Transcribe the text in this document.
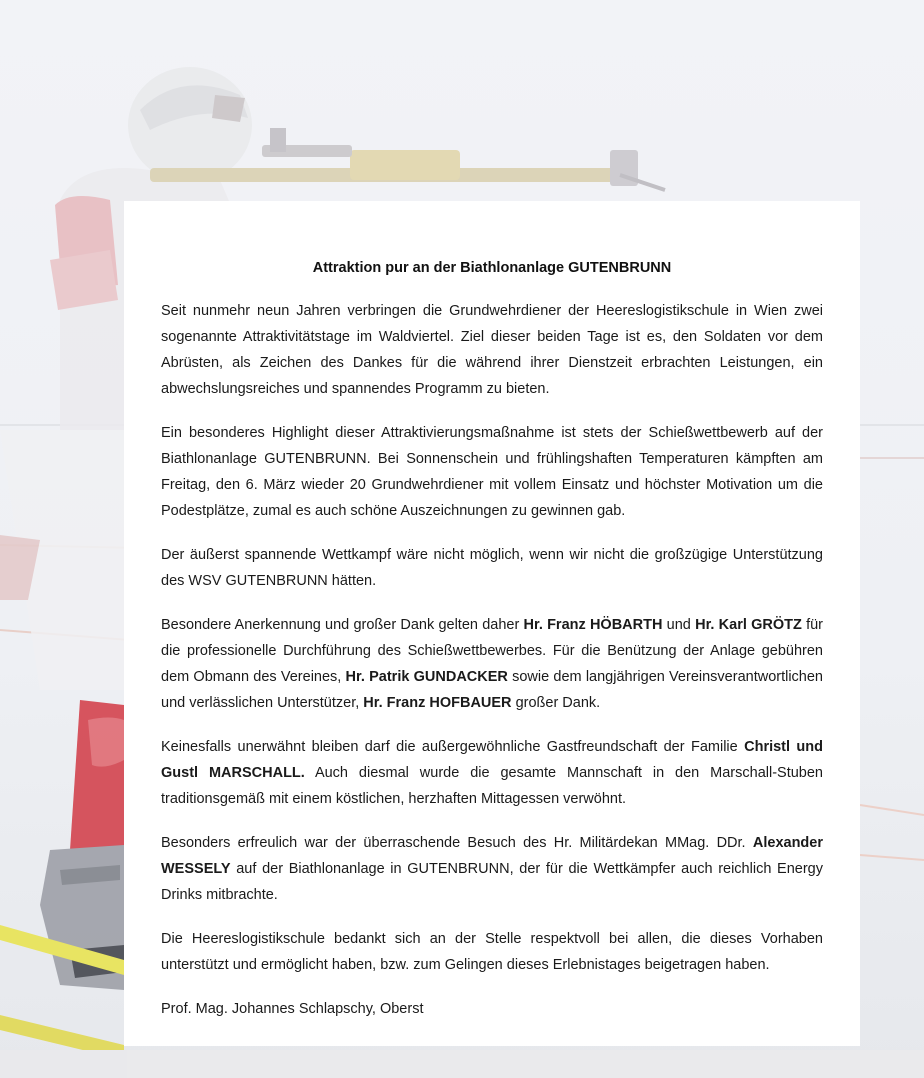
Attraktion pur an der Biathlonanlage GUTENBRUNN

Seit nunmehr neun Jahren verbringen die Grundwehrdiener der Heereslogistikschule in Wien zwei sogenannte Attraktivitätstage im Waldviertel. Ziel dieser beiden Tage ist es, den Soldaten vor dem Abrüsten, als Zeichen des Dankes für die während ihrer Dienstzeit erbrachten Leistungen, ein abwechslungsreiches und spannendes Programm zu bieten.

Ein besonderes Highlight dieser Attraktivierungsmaßnahme ist stets der Schießwettbewerb auf der Biathlonanlage GUTENBRUNN. Bei Sonnenschein und frühlingshaften Temperaturen kämpften am Freitag, den 6. März wieder 20 Grundwehrdiener mit vollem Einsatz und höchster Motivation um die Podestplätze, zumal es auch schöne Auszeichnungen zu gewinnen gab.

Der äußerst spannende Wettkampf wäre nicht möglich, wenn wir nicht die großzügige Unterstützung des WSV GUTENBRUNN hätten.

Besondere Anerkennung und großer Dank gelten daher Hr. Franz HÖBARTH und Hr. Karl GRÖTZ für die professionelle Durchführung des Schießwettbewerbes. Für die Benützung der Anlage gebühren dem Obmann des Vereines, Hr. Patrik GUNDACKER sowie dem langjährigen Vereinsverantwortlichen und verlässlichen Unterstützer, Hr. Franz HOFBAUER großer Dank.

Keinesfalls unerwähnt bleiben darf die außergewöhnliche Gastfreundschaft der Familie Christl und Gustl MARSCHALL. Auch diesmal wurde die gesamte Mannschaft in den Marschall-Stuben traditionsgemäß mit einem köstlichen, herzhaften Mittagessen verwöhnt.

Besonders erfreulich war der überraschende Besuch des Hr. Militärdekan MMag. DDr. Alexander WESSELY auf der Biathlonanlage in GUTENBRUNN, der für die Wettkämpfer auch reichlich Energy Drinks mitbrachte.

Die Heereslogistikschule bedankt sich an der Stelle respektvoll bei allen, die dieses Vorhaben unterstützt und ermöglicht haben, bzw. zum Gelingen dieses Erlebnistages beigetragen haben.

Prof. Mag. Johannes Schlapschy, Oberst
